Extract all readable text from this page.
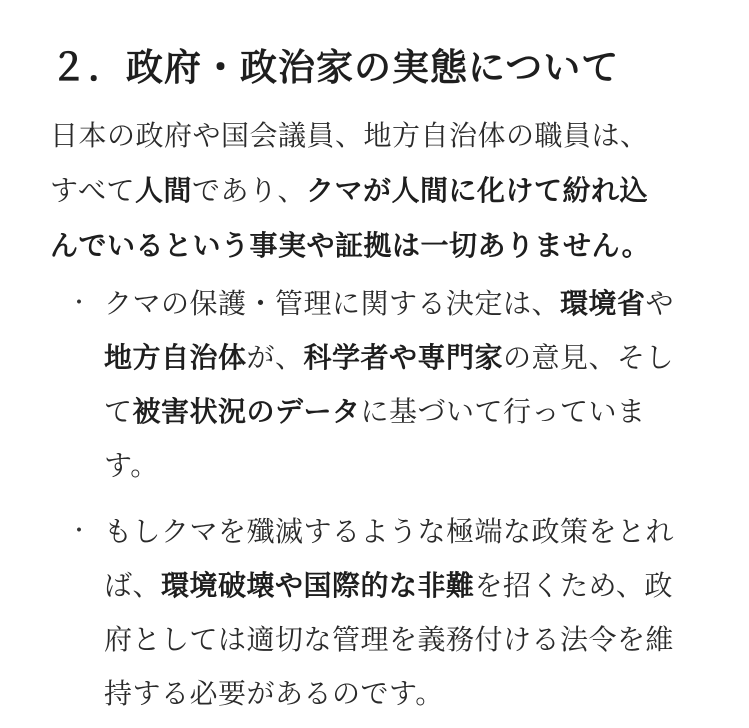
２．政府・政治家の実態について

日本の政府や国会議員、地方自治体の職員は、
すべて人間であり、クマが人間に化けて紛れ込
んでいるという事実や証拠は一切ありません。

・ クマの保護・管理に関する決定は、環境省や
地方自治体が、科学者や専門家の意見、そし
て被害状況のデータに基づいて行っていま
す。
・ もしクマを殲滅するような極端な政策をとれ
ば、環境破壊や国際的な非難を招くため、政
府としては適切な管理を義務付ける法令を維
持する必要があるのです。
